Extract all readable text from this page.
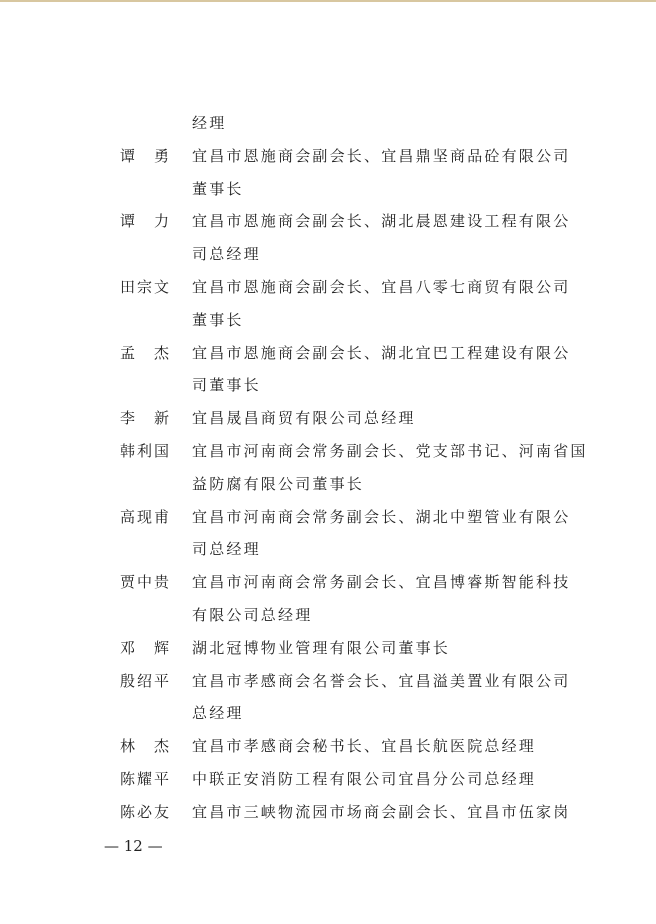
经理
谭　勇	宜昌市恩施商会副会长、宜昌鼎坚商品砼有限公司
董事长
谭　力	宜昌市恩施商会副会长、湖北晨恩建设工程有限公
司总经理
田宗文	宜昌市恩施商会副会长、宜昌八零七商贸有限公司
董事长
孟　杰	宜昌市恩施商会副会长、湖北宜巴工程建设有限公
司董事长
李　新	宜昌晟昌商贸有限公司总经理
韩利国	宜昌市河南商会常务副会长、党支部书记、河南省国
益防腐有限公司董事长
高现甫	宜昌市河南商会常务副会长、湖北中塑管业有限公
司总经理
贾中贵	宜昌市河南商会常务副会长、宜昌博睿斯智能科技
有限公司总经理
邓　辉	湖北冠博物业管理有限公司董事长
殷绍平	宜昌市孝感商会名誉会长、宜昌溢美置业有限公司
总经理
林　杰	宜昌市孝感商会秘书长、宜昌长航医院总经理
陈耀平	中联正安消防工程有限公司宜昌分公司总经理
陈必友	宜昌市三峡物流园市场商会副会长、宜昌市伍家岗
— 12 —
